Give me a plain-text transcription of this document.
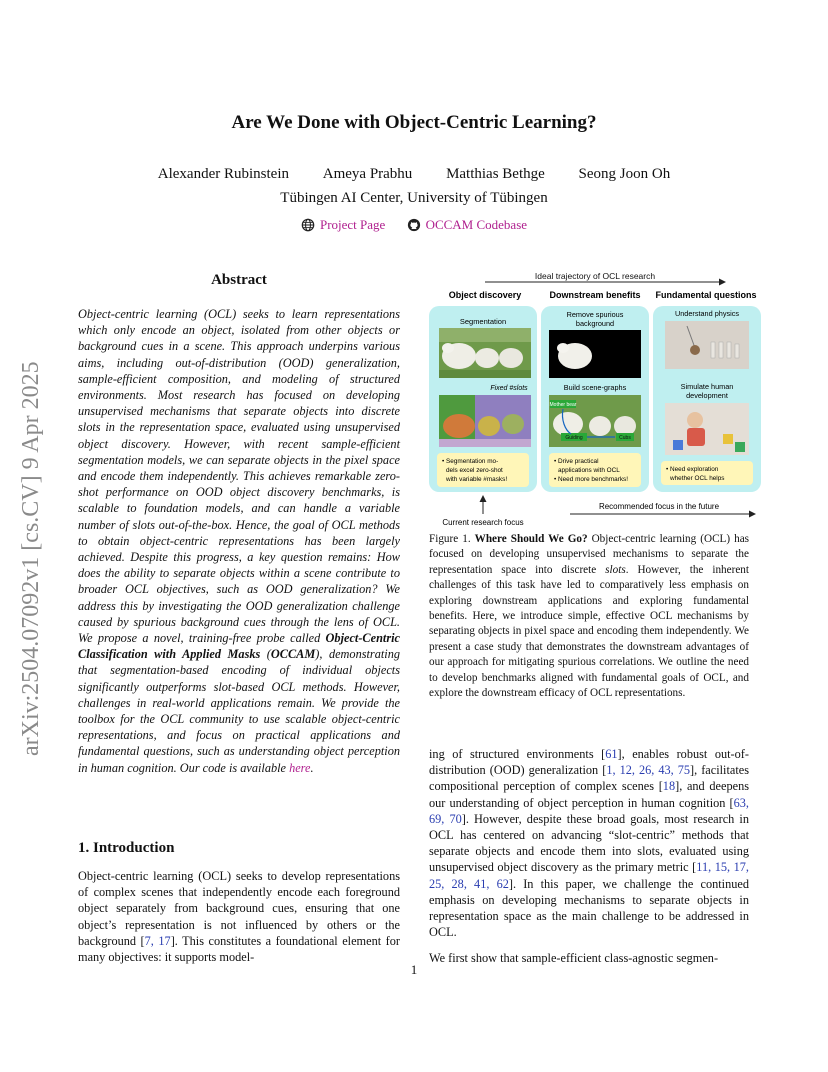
arXiv:2504.07092v1 [cs.CV] 9 Apr 2025
Are We Done with Object-Centric Learning?
Alexander Rubinstein Ameya Prabhu Matthias Bethge Seong Joon Oh
Tübingen AI Center, University of Tübingen
Project Page
	OCCAM Codebase
Abstract
Object-centric learning (OCL) seeks to learn representations which only encode an object, isolated from other objects or background cues in a scene. This approach underpins various aims, including out-of-distribution (OOD) generalization, sample-efficient composition, and modeling of structured environments. Most research has focused on developing unsupervised mechanisms that separate objects into discrete slots in the representation space, evaluated using unsupervised object discovery. However, with recent sample-efficient segmentation models, we can separate objects in the pixel space and encode them independently. This achieves remarkable zero-shot performance on OOD object discovery benchmarks, is scalable to foundation models, and can handle a variable number of slots out-of-the-box. Hence, the goal of OCL methods to obtain object-centric representations has been largely achieved. Despite this progress, a key question remains: How does the ability to separate objects within a scene contribute to broader OCL objectives, such as OOD generalization? We address this by investigating the OOD generalization challenge caused by spurious background cues through the lens of OCL. We propose a novel, training-free probe called Object-Centric Classification with Applied Masks (OCCAM), demonstrating that segmentation-based encoding of individual objects significantly outperforms slot-based OCL methods. However, challenges in real-world applications remain. We provide the toolbox for the OCL community to use scalable object-centric representations, and focus on practical applications and fundamental questions, such as understanding object perception in human cognition. Our code is available here.
1. Introduction
Object-centric learning (OCL) seeks to develop representations of complex scenes that independently encode each foreground object separately from background cues, ensuring that one object’s representation is not influenced by others or the background [7, 17]. This constitutes a foundational element for many objectives: it supports model-

ing of structured environments [61], enables robust out-of-distribution (OOD) generalization [1, 12, 26, 43, 75], facilitates compositional perception of complex scenes [18], and deepens our understanding of object perception in human cognition [63, 69, 70]. However, despite these broad goals, most research in OCL has centered on advancing “slot-centric” methods that separate objects and encode them into slots, evaluated using unsupervised object discovery as the primary metric [11, 15, 17, 25, 28, 41, 62]. In this paper, we challenge the continued emphasis on developing mechanisms to separate objects in representation space as the main challenge to be addressed in OCL.

We first show that sample-efficient class-agnostic segmen-

Ideal trajectory of OCL research
Object discovery	Downstream benefits Fundamental questions
Segmentation
Fixed #slots
• Segmentation mo-
dels excel zero-shot
with variable #masks!
Remove spurious
background
Build scene-graphs
Mother bear
Guiding	Cubs
• Drive practical
applications with OCL
• Need more benchmarks!
Understand physics
Simulate human
development
• Need exploration
whether OCL helps
Current research focus
Recommended focus in the future
Figure 1. Where Should We Go? Object-centric learning (OCL) has focused on developing unsupervised mechanisms to separate the representation space into discrete slots. However, the inherent challenges of this task have led to comparatively less emphasis on exploring downstream applications and exploring fundamental benefits. Here, we introduce simple, effective OCL mechanisms by separating objects in pixel space and encoding them independently. We present a case study that demonstrates the downstream advantages of our approach for mitigating spurious correlations. We outline the need to develop benchmarks aligned with fundamental goals of OCL, and explore the downstream efficacy of OCL representations.
1
